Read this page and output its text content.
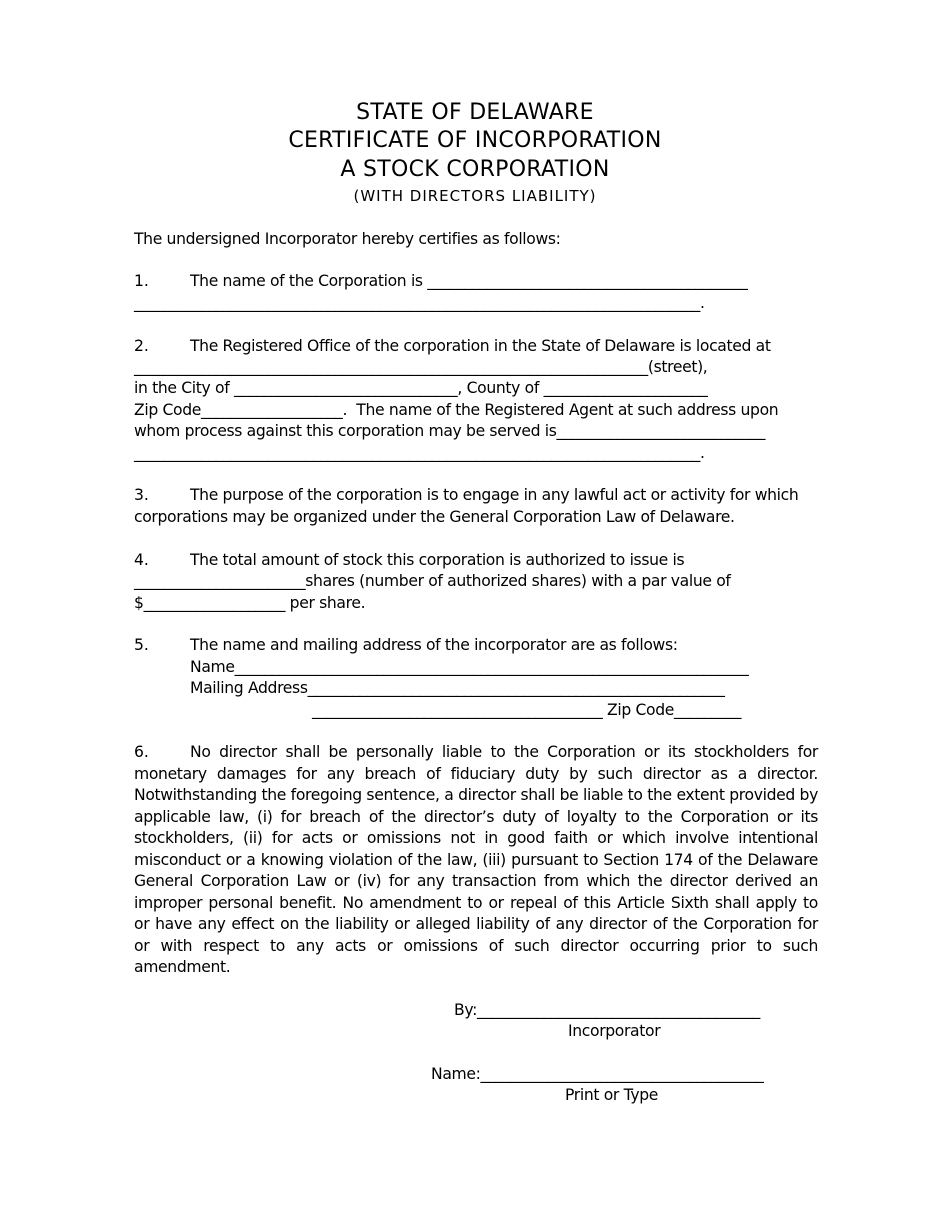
STATE OF DELAWARE
CERTIFICATE OF INCORPORATION
A STOCK CORPORATION
(WITH DIRECTORS LIABILITY)
The undersigned Incorporator hereby certifies as follows:
1.	The name of the Corporation is ___________________________________________
____________________________________________________________________________.
2.	The Registered Office of the corporation in the State of Delaware is located at
_____________________________________________________________________(street),
in the City of ______________________________, County of ______________________
Zip Code___________________.  The name of the Registered Agent at such address upon
whom process against this corporation may be served is____________________________
____________________________________________________________________________.
3.	The purpose of the corporation is to engage in any lawful act or activity for which
corporations may be organized under the General Corporation Law of Delaware.
4.	The total amount of stock this corporation is authorized to issue is
_______________________shares (number of authorized shares) with a par value of
$___________________ per share.
5.	The name and mailing address of the incorporator are as follows:
Name_____________________________________________________________________
Mailing Address________________________________________________________
_______________________________________ Zip Code_________
6.	No director shall be personally liable to the Corporation or its stockholders for
monetary damages for any breach of fiduciary duty by such director as a director.
Notwithstanding the foregoing sentence, a director shall be liable to the extent provided by
applicable law, (i) for breach of the director’s duty of loyalty to the Corporation or its
stockholders, (ii) for acts or omissions not in good faith or which involve intentional
misconduct or a knowing violation of the law, (iii) pursuant to Section 174 of the Delaware
General Corporation Law or (iv) for any transaction from which the director derived an
improper personal benefit. No amendment to or repeal of this Article Sixth shall apply to
or have any effect on the liability or alleged liability of any director of the Corporation for
or with respect to any acts or omissions of such director occurring prior to such
amendment.
By:______________________________________
Incorporator
Name:______________________________________
Print or Type
